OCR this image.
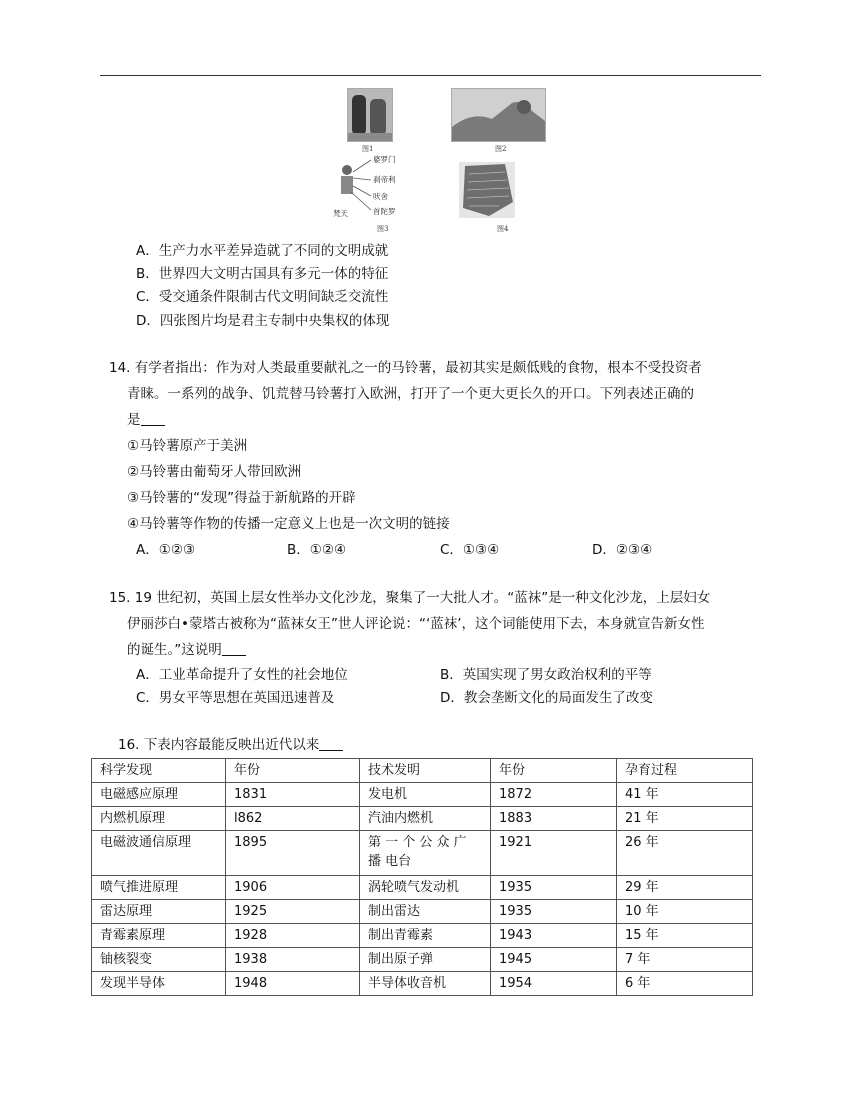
图1	图2
婆罗门
刹帝利
吠舍
首陀罗
梵天
图3	图4
A．生产力水平差异造就了不同的文明成就
B．世界四大文明古国具有多元一体的特征
C．受交通条件限制古代文明间缺乏交流性
D．四张图片均是君主专制中央集权的体现
14. 有学者指出：作为对人类最重要献礼之一的马铃薯，最初其实是颇低贱的食物，根本不受投资者
青睐。一系列的战争、饥荒替马铃薯打入欧洲，打开了一个更大更长久的开口。下列表述正确的
是
①马铃薯原产于美洲
②马铃薯由葡萄牙人带回欧洲
③马铃薯的“发现”得益于新航路的开辟
④马铃薯等作物的传播一定意义上也是一次文明的链接
A．①②③	B．①②④	C．①③④	D．②③④
15. 19 世纪初，英国上层女性举办文化沙龙，聚集了一大批人才。“蓝袜”是一种文化沙龙，上层妇女
伊丽莎白•蒙塔古被称为“蓝袜女王”世人评论说：“‘蓝袜’，这个词能使用下去，本身就宣告新女性
的诞生。”这说明
A．工业革命提升了女性的社会地位	B．英国实现了男女政治权利的平等
C．男女平等思想在英国迅速普及	D．教会垄断文化的局面发生了改变
16. 下表内容最能反映出近代以来
科学发现	年份	技术发明	年份	孕育过程
电磁感应原理	1831	发电机	1872	41 年
内燃机原理	l862	汽油内燃机	1883	21 年
电磁波通信原理	1895	第 一 个 公 众 广 播 电台	1921	26 年
喷气推进原理	1906	涡轮喷气发动机	1935	29 年
雷达原理	1925	制出雷达	1935	10 年
青霉素原理	1928	制出青霉素	1943	15 年
铀核裂变	1938	制出原子弹	1945	7 年
发现半导体	1948	半导体收音机	1954	6 年
